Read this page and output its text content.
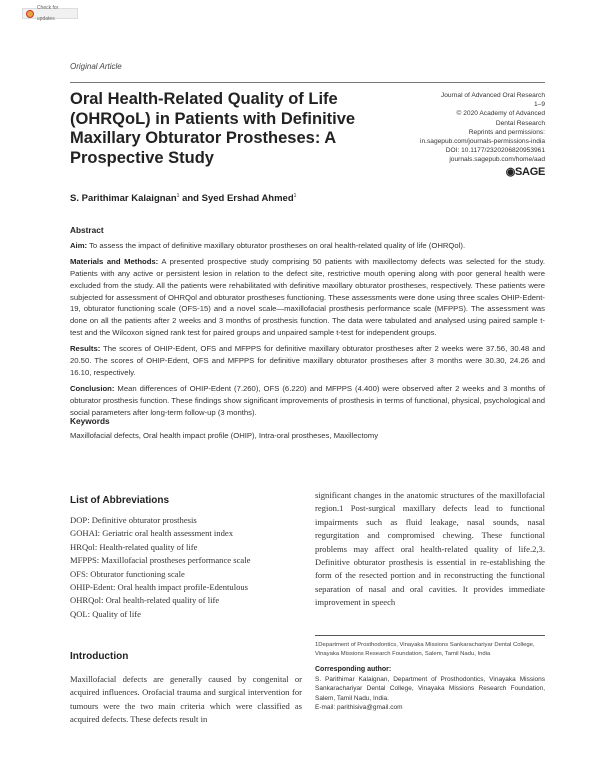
Check for updates
Original Article
Oral Health-Related Quality of Life (OHRQoL) in Patients with Definitive Maxillary Obturator Prostheses: A Prospective Study
Journal of Advanced Oral Research
1–9
© 2020 Academy of Advanced
Dental Research
Reprints and permissions:
in.sagepub.com/journals-permissions-india
DOI: 10.1177/2320206820953961
journals.sagepub.com/home/aad
◉SAGE
S. Parithimar Kalaignan$^1$ and Syed Ershad Ahmed$^1$
Abstract

Aim: To assess the impact of definitive maxillary obturator prostheses on oral health-related quality of life (OHRQol).

Materials and Methods: A presented prospective study comprising 50 patients with maxillectomy defects was selected for the study. Patients with any active or persistent lesion in relation to the defect site, restrictive mouth opening along with poor general health were excluded from the study. All the patients were rehabilitated with definitive maxillary obturator prostheses, respectively. These patients were subjected for assessment of OHRQol and obturator prostheses functioning. These assessments were done using three scales OHIP-Edent-19, obturator functioning scale (OFS-15) and a novel scale—maxillofacial prosthesis performance scale (MFPPS). The assessment was done on all the patients after 2 weeks and 3 months of prosthesis function. The data were tabulated and analysed using paired sample t-test and the Wilcoxon signed rank test for paired groups and unpaired sample t-test for independent groups.

Results: The scores of OHIP-Edent, OFS and MFPPS for definitive maxillary obturator prostheses after 2 weeks were 37.56, 30.48 and 20.50. The scores of OHIP-Edent, OFS and MFPPS for definitive maxillary obturator prostheses after 3 months were 30.30, 24.26 and 16.10, respectively.

Conclusion: Mean differences of OHIP-Edent (7.260), OFS (6.220) and MFPPS (4.400) were observed after 2 weeks and 3 months of obturator prosthesis function. These findings show significant improvements of prosthesis in terms of functional, physical, psychological and social parameters after long-term follow-up (3 months).

Keywords
Maxillofacial defects, Oral health impact profile (OHIP), Intra-oral prostheses, Maxillectomy
List of Abbreviations
DOP: Definitive obturator prosthesis
GOHAI: Geriatric oral health assessment index
HRQol: Health-related quality of life
MFPPS: Maxillofacial prostheses performance scale
OFS: Obturator functioning scale
OHIP-Edent: Oral health impact profile-Edentulous
OHRQol: Oral health-related quality of life
QOL: Quality of life
Introduction

Maxillofacial defects are generally caused by congenital or acquired influences. Orofacial trauma and surgical intervention for tumours were the two main criteria which were classified as acquired defects. These defects result in

significant changes in the anatomic structures of the maxillofacial region.1 Post-surgical maxillary defects lead to functional impairments such as fluid leakage, nasal sounds, nasal regurgitation and compromised chewing. These functional problems may affect oral health-related quality of life.2,3. Definitive obturator prosthesis is essential in re-establishing the form of the resected portion and in reconstructing the functional separation of nasal and oral cavities. It provides immediate improvement in speech

1Department of Prosthodontics, Vinayaka Missions Sankarachariyar Dental College, Vinayaka Missions Research Foundation, Salem, Tamil Nadu, India
Corresponding author:
S. Parithimar Kalaignan, Department of Prosthodontics, Vinayaka Missions Sankarachariyar Dental College, Vinayaka Missions Research Foundation, Salem, Tamil Nadu, India.
E-mail: parithisiva@gmail.com
